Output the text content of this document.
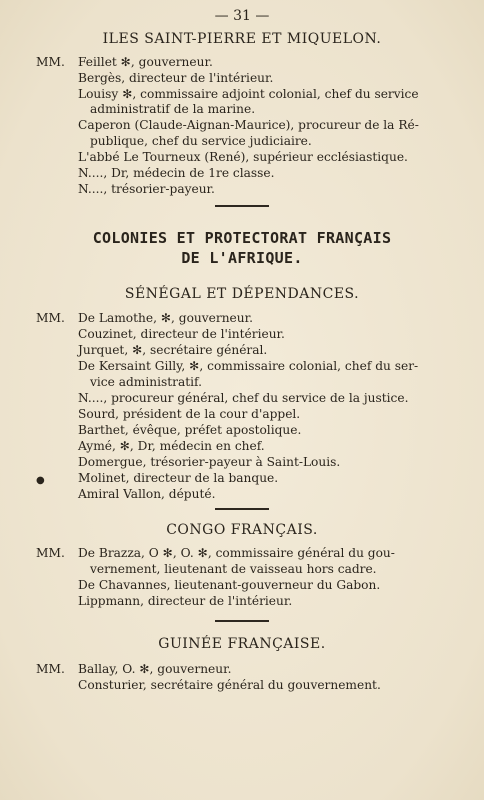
— 31 —
ILES SAINT-PIERRE ET MIQUELON.
MM. Feillet ✻, gouverneur.
Bergès, directeur de l'intérieur.
Louisy ✻, commissaire adjoint colonial, chef du service
administratif de la marine.
Caperon (Claude-Aignan-Maurice), procureur de la Ré-
publique, chef du service judiciaire.
L'abbé Le Tourneux (René), supérieur ecclésiastique.
N...., Dr, médecin de 1re classe.
N...., trésorier-payeur.
COLONIES ET PROTECTORAT FRANÇAIS
DE L'AFRIQUE.
SÉNÉGAL ET DÉPENDANCES.
MM. De Lamothe, ✻, gouverneur.
Couzinet, directeur de l'intérieur.
Jurquet, ✻, secrétaire général.
De Kersaint Gilly, ✻, commissaire colonial, chef du ser-
vice administratif.
N...., procureur général, chef du service de la justice.
Sourd, président de la cour d'appel.
Barthet, évêque, préfet apostolique.
Aymé, ✻, Dr, médecin en chef.
Domergue, trésorier-payeur à Saint-Louis.
●	Molinet, directeur de la banque.
Amiral Vallon, député.
CONGO FRANÇAIS.
MM. De Brazza, O ✻, O. ✻, commissaire général du gou-
vernement, lieutenant de vaisseau hors cadre.
De Chavannes, lieutenant-gouverneur du Gabon.
Lippmann, directeur de l'intérieur.
GUINÉE FRANÇAISE.
MM. Ballay, O. ✻, gouverneur.
Consturier, secrétaire général du gouvernement.
